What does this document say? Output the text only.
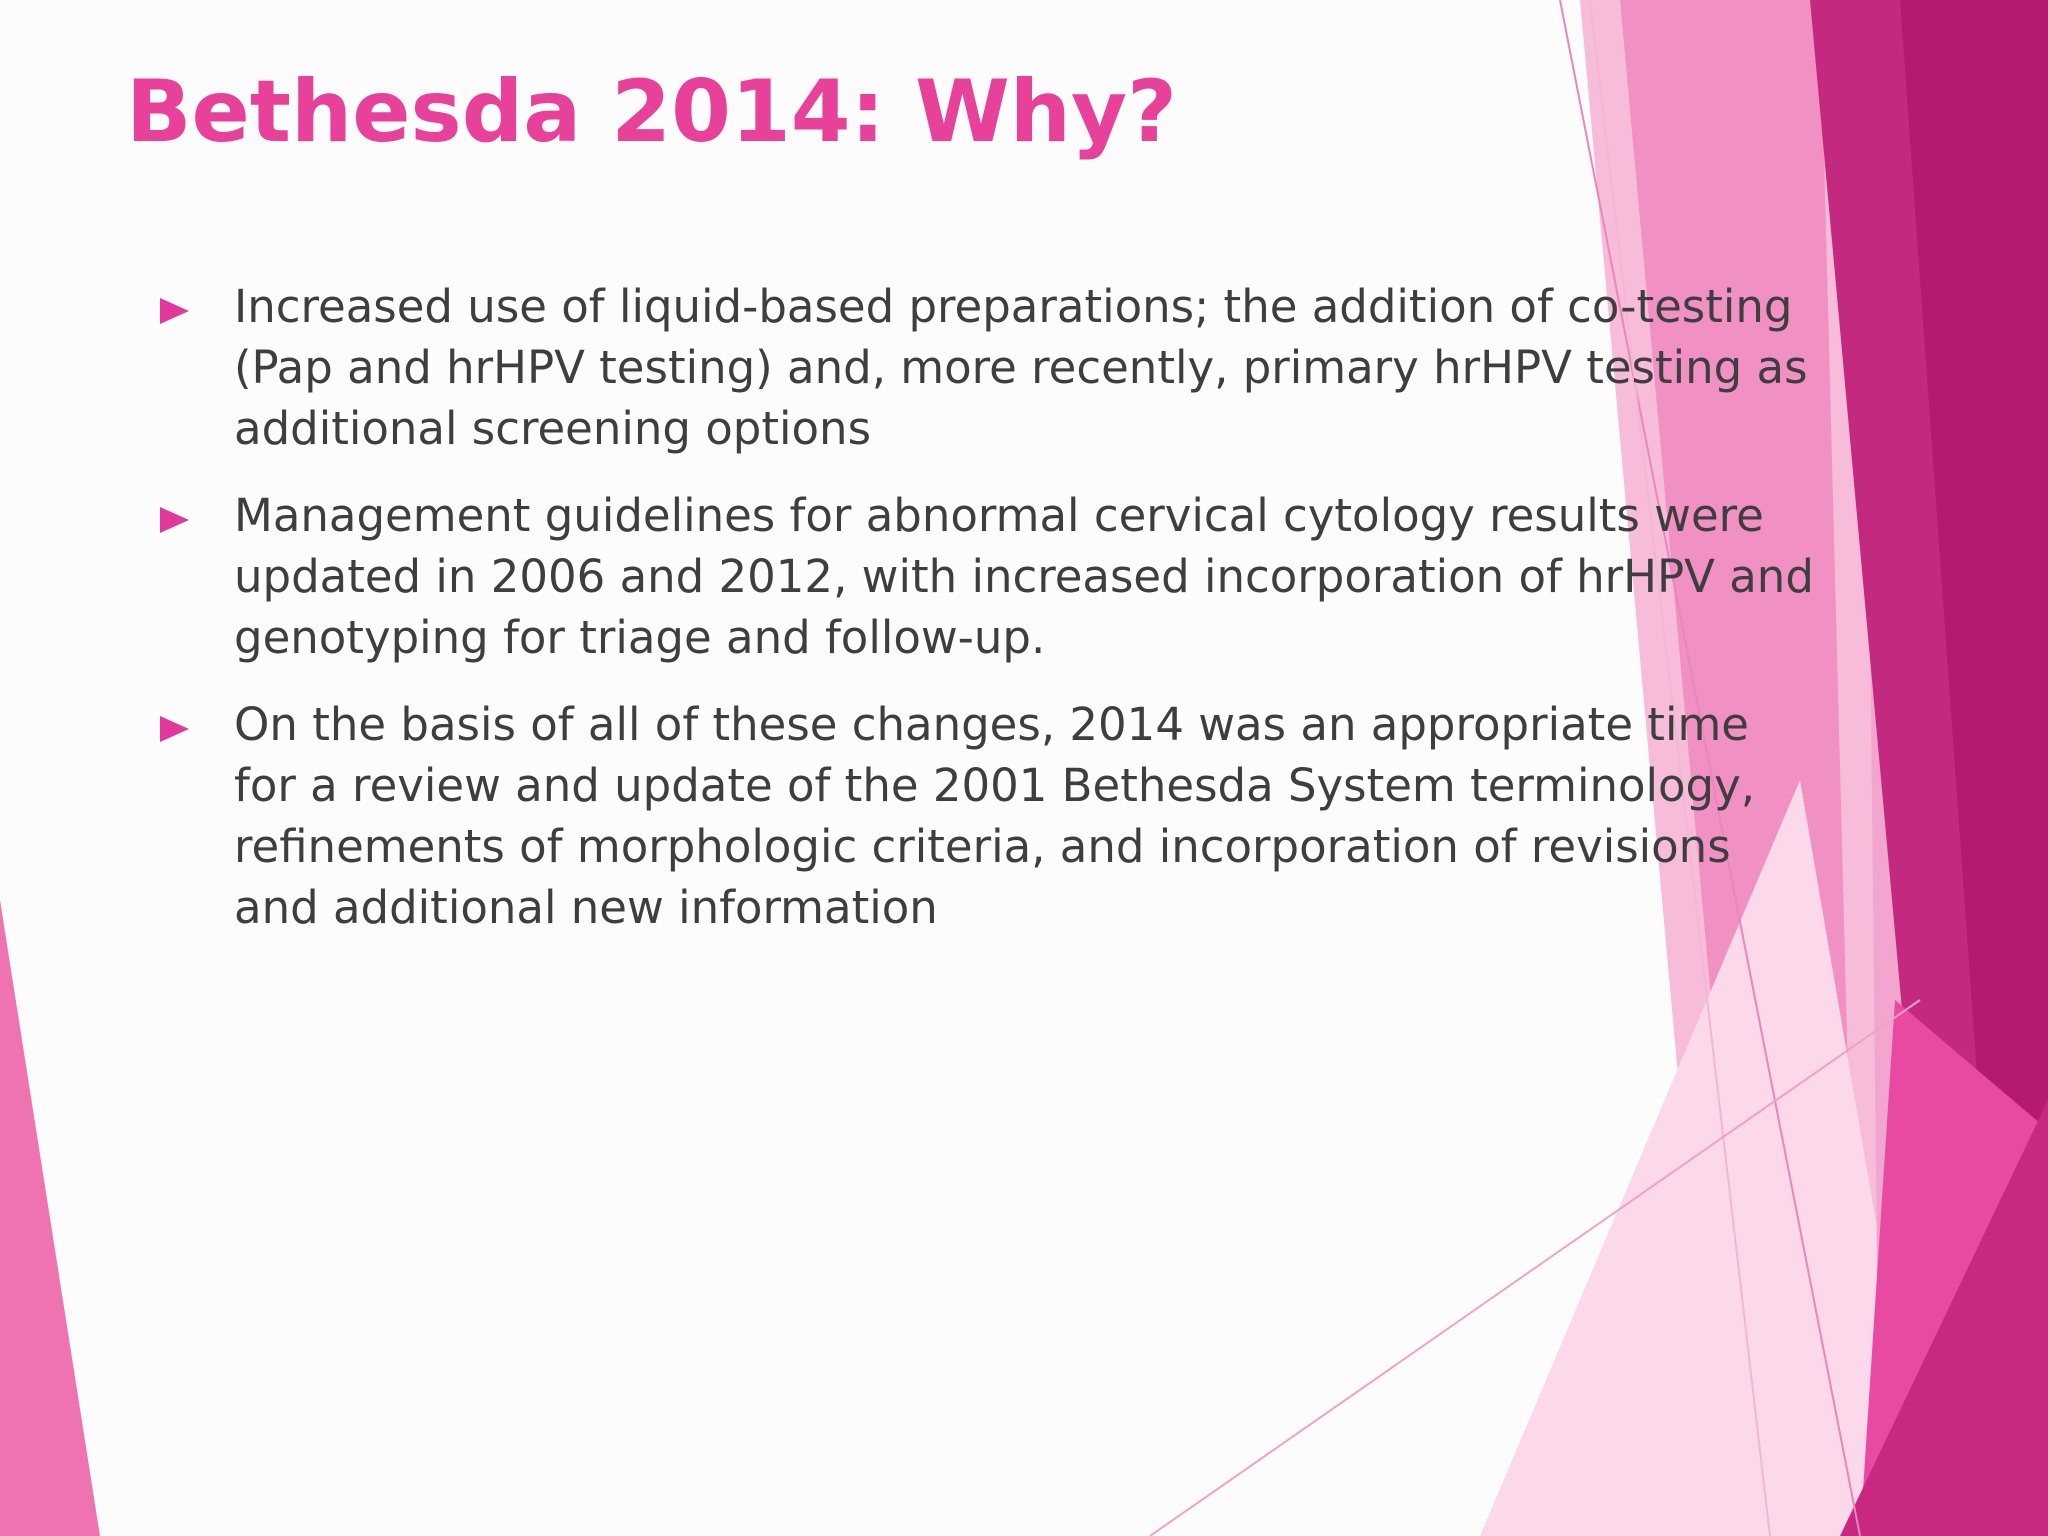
Bethesda 2014: Why?
Increased use of liquid-based preparations; the addition of co-testing
(Pap and hrHPV testing) and, more recently, primary hrHPV testing as
additional screening options
Management guidelines for abnormal cervical cytology results were
updated in 2006 and 2012, with increased incorporation of hrHPV and
genotyping for triage and follow-up.
On the basis of all of these changes, 2014 was an appropriate time
for a review and update of the 2001 Bethesda System terminology,
refinements of morphologic criteria, and incorporation of revisions
and additional new information
